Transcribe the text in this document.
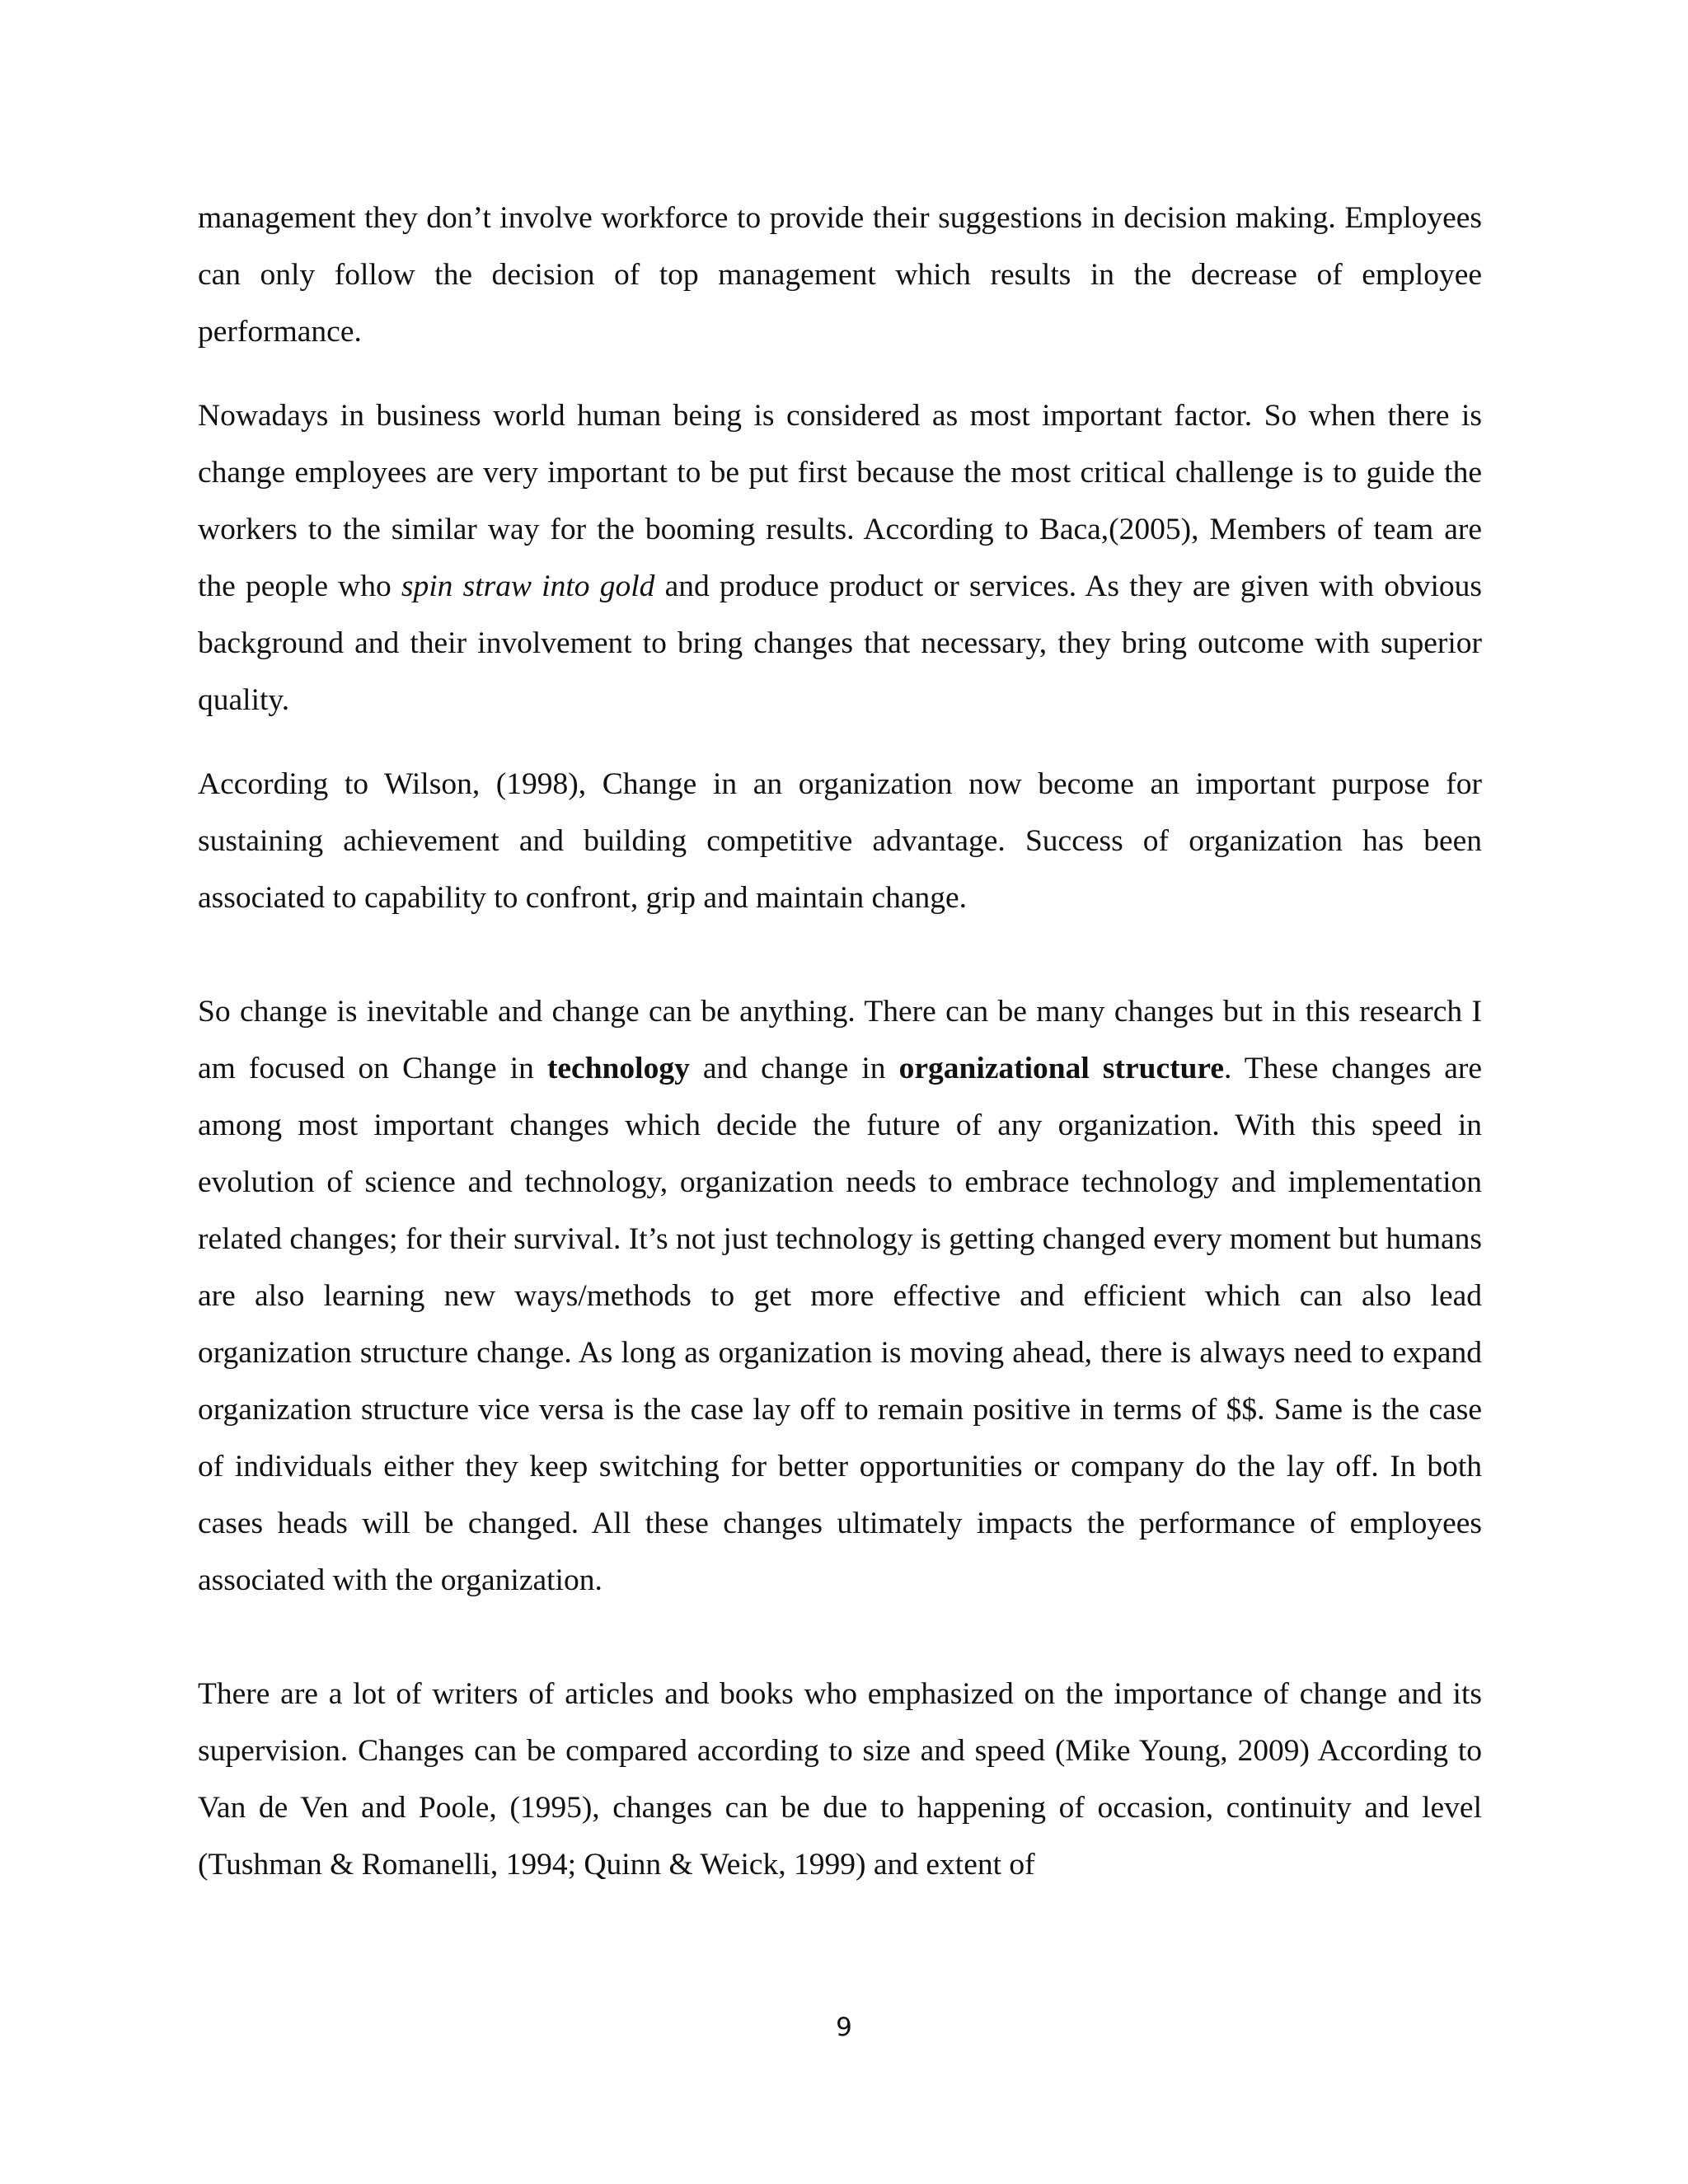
management they don’t involve workforce to provide their suggestions in decision making. Employees can only follow the decision of top management which results in the decrease of employee performance.

Nowadays in business world human being is considered as most important factor. So when there is change employees are very important to be put first because the most critical challenge is to guide the workers to the similar way for the booming results. According to Baca,(2005), Members of team are the people who spin straw into gold and produce product or services. As they are given with obvious background and their involvement to bring changes that necessary, they bring outcome with superior quality.

According to Wilson, (1998), Change in an organization now become an important purpose for sustaining achievement and building competitive advantage. Success of organization has been associated to capability to confront, grip and maintain change.

So change is inevitable and change can be anything. There can be many changes but in this research I am focused on Change in technology and change in organizational structure. These changes are among most important changes which decide the future of any organization. With this speed in evolution of science and technology, organization needs to embrace technology and implementation related changes; for their survival. It’s not just technology is getting changed every moment but humans are also learning new ways/methods to get more effective and efficient which can also lead organization structure change. As long as organization is moving ahead, there is always need to expand organization structure vice versa is the case lay off to remain positive in terms of $$. Same is the case of individuals either they keep switching for better opportunities or company do the lay off. In both cases heads will be changed. All these changes ultimately impacts the performance of employees associated with the organization.

There are a lot of writers of articles and books who emphasized on the importance of change and its supervision. Changes can be compared according to size and speed (Mike Young, 2009) According to Van de Ven and Poole, (1995), changes can be due to happening of occasion, continuity and level (Tushman & Romanelli, 1994; Quinn & Weick, 1999) and extent of

9
